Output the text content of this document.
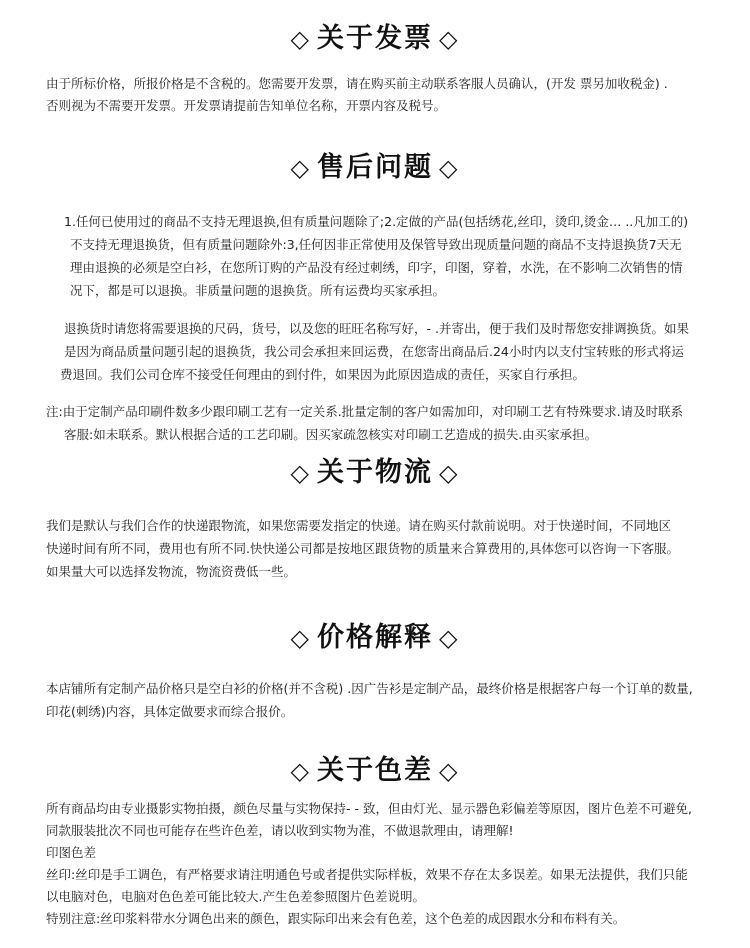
◇ 关于发票 ◇
由于所标价格，所报价格是不含税的。您需要开发票，请在购买前主动联系客服人员确认，(开发 票另加收税金) .
否则视为不需要开发票。开发票请提前告知单位名称，开票内容及税号。
◇ 售后问题 ◇
1.任何已使用过的商品不支持无理退换,但有质量问题除了;2.定做的产品(包括绣花,丝印，烫印,烫金… ..凡加工的)
不支持无理退换货，但有质量问题除外:3,任何因非正常使用及保管导致出现质量问题的商品不支持退换货7天无
理由退换的必须是空白衫，在您所订购的产品没有经过刺绣，印字，印图，穿着，水洗，在不影响二次销售的情
况下，都是可以退换。非质量问题的退换货。所有运费均买家承担。
退换货时请您将需要退换的尺码，货号，以及您的旺旺名称写好，- .并寄出，便于我们及时帮您安排调换货。如果
是因为商品质量问题引起的退换货，我公司会承担来回运费，在您寄出商品后.24小时内以支付宝转账的形式将运
费退回。我们公司仓库不接受任何理由的到付件，如果因为此原因造成的责任，买家自行承担。
注:由于定制产品印刷件数多少跟印刷工艺有一定关系.批量定制的客户如需加印，对印刷工艺有特殊要求.请及时联系
客服:如未联系。默认根据合适的工艺印刷。因买家疏忽核实对印刷工艺造成的损失.由买家承担。
◇ 关于物流 ◇
我们是默认与我们合作的快递跟物流，如果您需要发指定的快递。请在购买付款前说明。对于快递时间，不同地区
快递时间有所不同，费用也有所不同.快快递公司都是按地区跟货物的质量来合算费用的,具体您可以咨询一下客服。
如果量大可以选择发物流，物流资费低一些。
◇ 价格解释 ◇
本店铺所有定制产品价格只是空白衫的价格(并不含税) .因广告衫是定制产品，最终价格是根据客户每一个订单的数量,
印花(刺绣)内容，具体定做要求而综合报价。
◇ 关于色差 ◇
所有商品均由专业摄影实物拍摄，颜色尽量与实物保持- - 致，但由灯光、显示器色彩偏差等原因，图片色差不可避免,
同款服装批次不同也可能存在些许色差，请以收到实物为准，不做退款理由，请理解!
印图色差
丝印:丝印是手工调色，有严格要求请注明通色号或者提供实际样板，效果不存在太多误差。如果无法提供，我们只能
以电脑对色，电脑对色色差可能比较大.产生色差参照图片色差说明。
特别注意:丝印浆料带水分调色出来的颜色，跟实际印出来会有色差，这个色差的成因跟水分和布料有关。
